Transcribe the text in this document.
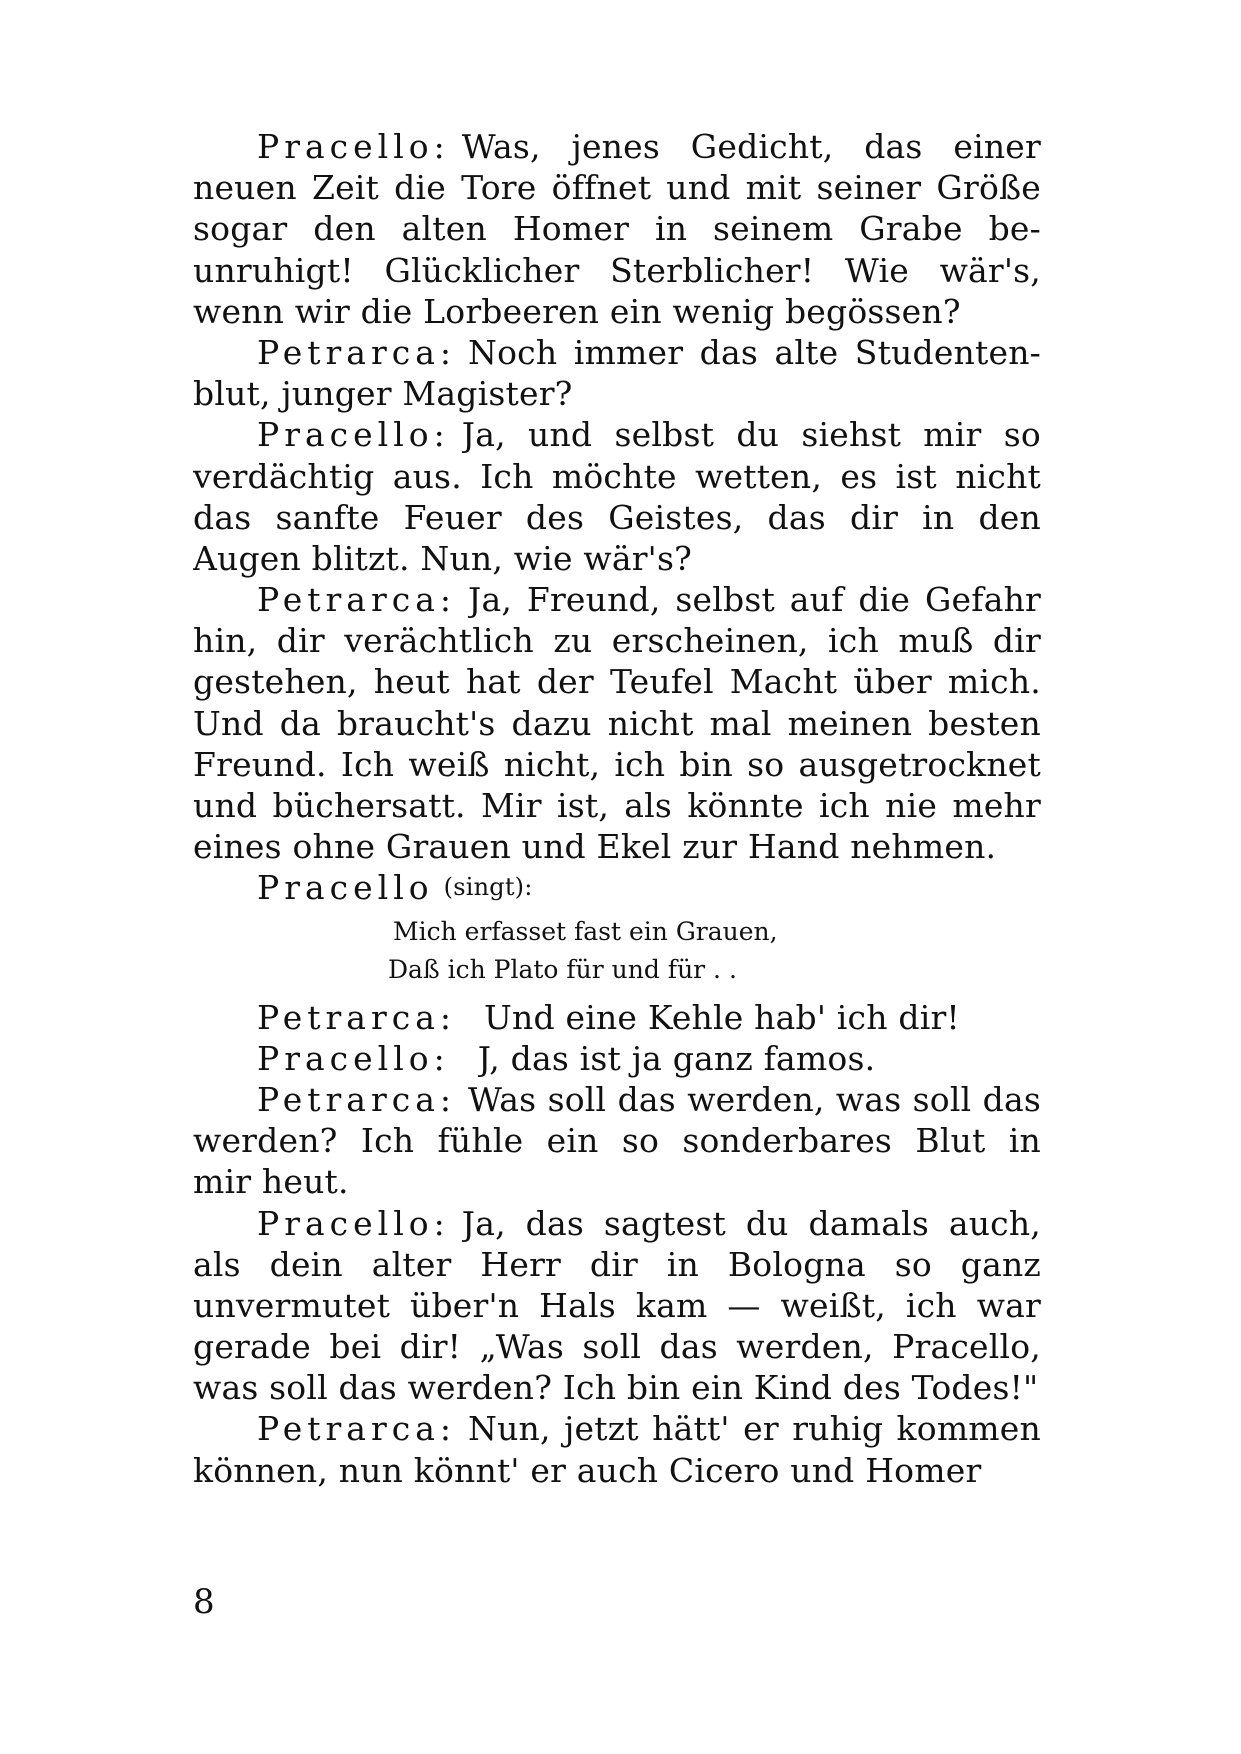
Pracello: Was, jenes Gedicht, das einer
neuen Zeit die Tore öffnet und mit seiner Größe
sogar den alten Homer in seinem Grabe be-
unruhigt! Glücklicher Sterblicher! Wie wär's,
wenn wir die Lorbeeren ein wenig begössen?
Petrarca: Noch immer das alte Studenten-
blut, junger Magister?
Pracello: Ja, und selbst du siehst mir so
verdächtig aus. Ich möchte wetten, es ist nicht
das sanfte Feuer des Geistes, das dir in den
Augen blitzt. Nun, wie wär's?
Petrarca: Ja, Freund, selbst auf die Gefahr
hin, dir verächtlich zu erscheinen, ich muß dir
gestehen, heut hat der Teufel Macht über mich.
Und da braucht's dazu nicht mal meinen besten
Freund. Ich weiß nicht, ich bin so ausgetrocknet
und büchersatt. Mir ist, als könnte ich nie mehr
eines ohne Grauen und Ekel zur Hand nehmen.
Pracello (singt):
Mich erfasset fast ein Grauen,
Daß ich Plato für und für . .
Petrarca: Und eine Kehle hab' ich dir!
Pracello: J, das ist ja ganz famos.
Petrarca: Was soll das werden, was soll das
werden? Ich fühle ein so sonderbares Blut in
mir heut.
Pracello: Ja, das sagtest du damals auch,
als dein alter Herr dir in Bologna so ganz
unvermutet über'n Hals kam — weißt, ich war
gerade bei dir! „Was soll das werden, Pracello,
was soll das werden? Ich bin ein Kind des Todes!"
Petrarca: Nun, jetzt hätt' er ruhig kommen
können, nun könnt' er auch Cicero und Homer
8
